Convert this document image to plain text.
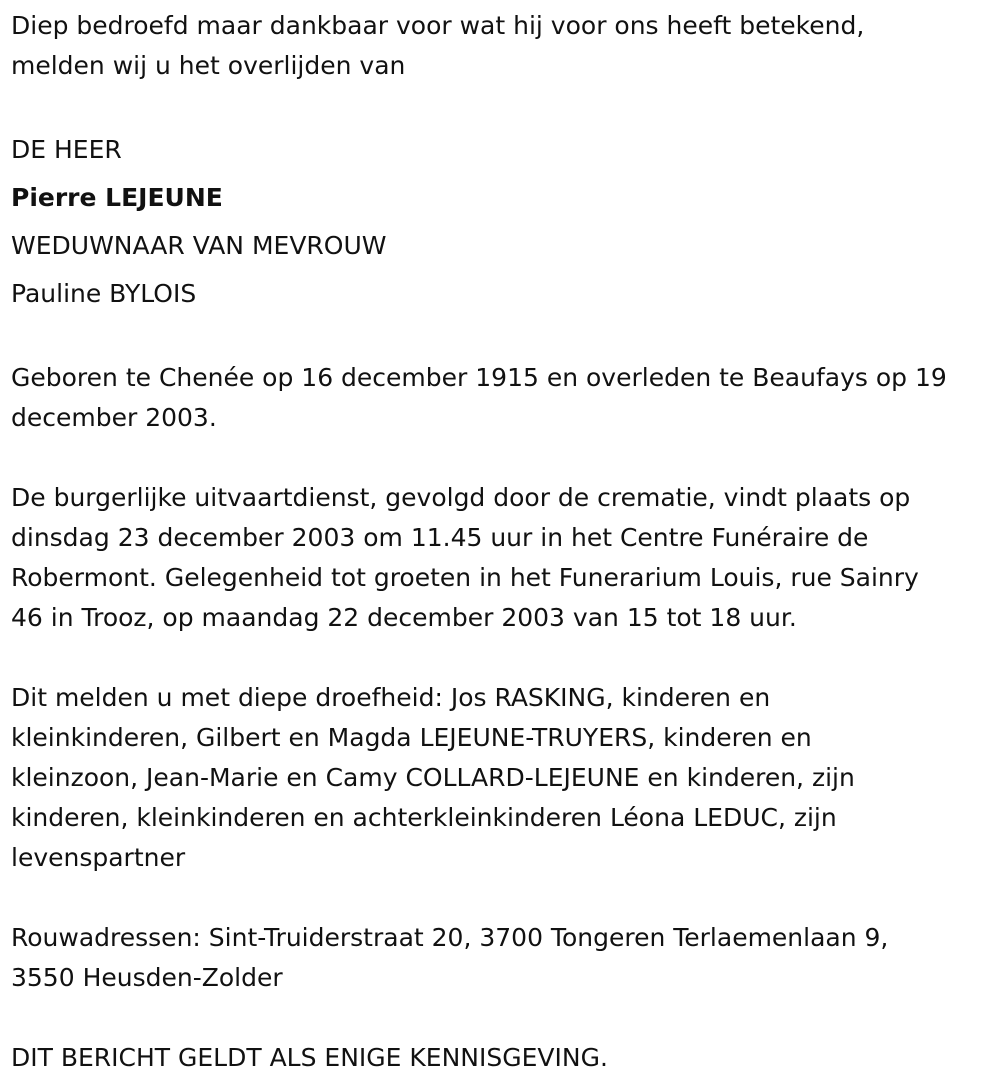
Diep bedroefd maar dankbaar voor wat hij voor ons heeft betekend,

melden wij u het overlijden van

DE HEER

Pierre LEJEUNE

WEDUWNAAR VAN MEVROUW

Pauline BYLOIS

Geboren te Chenée op 16 december 1915 en overleden te Beaufays op 19

december 2003.

De burgerlijke uitvaartdienst, gevolgd door de crematie, vindt plaats op

dinsdag 23 december 2003 om 11.45 uur in het Centre Funéraire de

Robermont. Gelegenheid tot groeten in het Funerarium Louis, rue Sainry

46 in Trooz, op maandag 22 december 2003 van 15 tot 18 uur.

Dit melden u met diepe droefheid: Jos RASKING, kinderen en

kleinkinderen, Gilbert en Magda LEJEUNE-TRUYERS, kinderen en

kleinzoon, Jean-Marie en Camy COLLARD-LEJEUNE en kinderen, zijn

kinderen, kleinkinderen en achterkleinkinderen Léona LEDUC, zijn

levenspartner

Rouwadressen: Sint-Truiderstraat 20, 3700 Tongeren Terlaemenlaan 9,

3550 Heusden-Zolder

DIT BERICHT GELDT ALS ENIGE KENNISGEVING.
